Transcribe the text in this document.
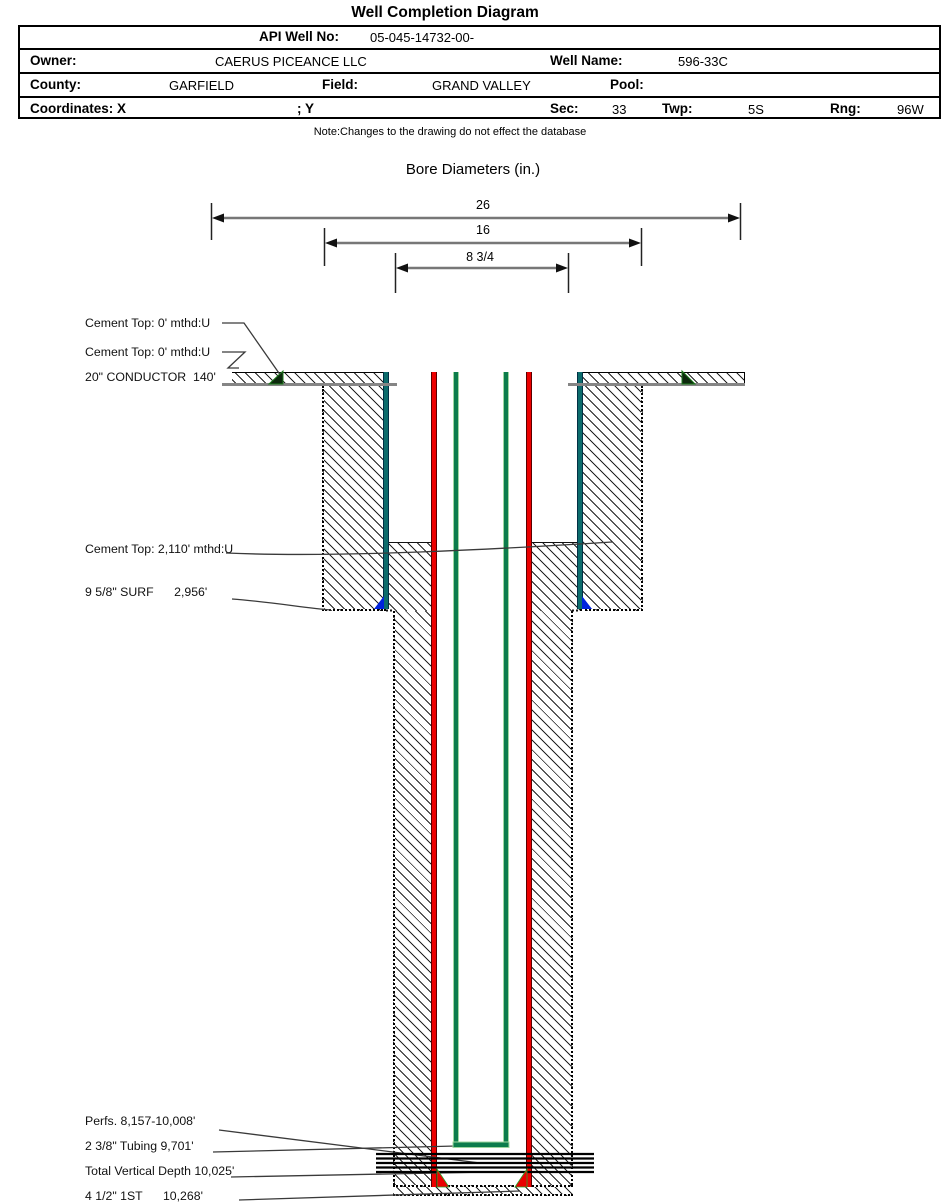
Well Completion Diagram
API Well No: 05-045-14732-00-
Owner:	CAERUS PICEANCE LLC	Well Name:	596-33C
County:	GARFIELD	Field:	GRAND VALLEY	Pool:
Coordinates: X	; Y	Sec:	33	Twp:	5S	Rng:	96W
Note:Changes to the drawing do not effect the database
Bore Diameters (in.)
26
16
8 3/4
Cement Top: 0' mthd:U
Cement Top: 0' mthd:U
20" CONDUCTOR  140'
Cement Top: 2,110' mthd:U
9 5/8" SURF      2,956'
Perfs. 8,157-10,008'
2 3/8" Tubing 9,701'
Total Vertical Depth 10,025'
4 1/2" 1ST      10,268'
